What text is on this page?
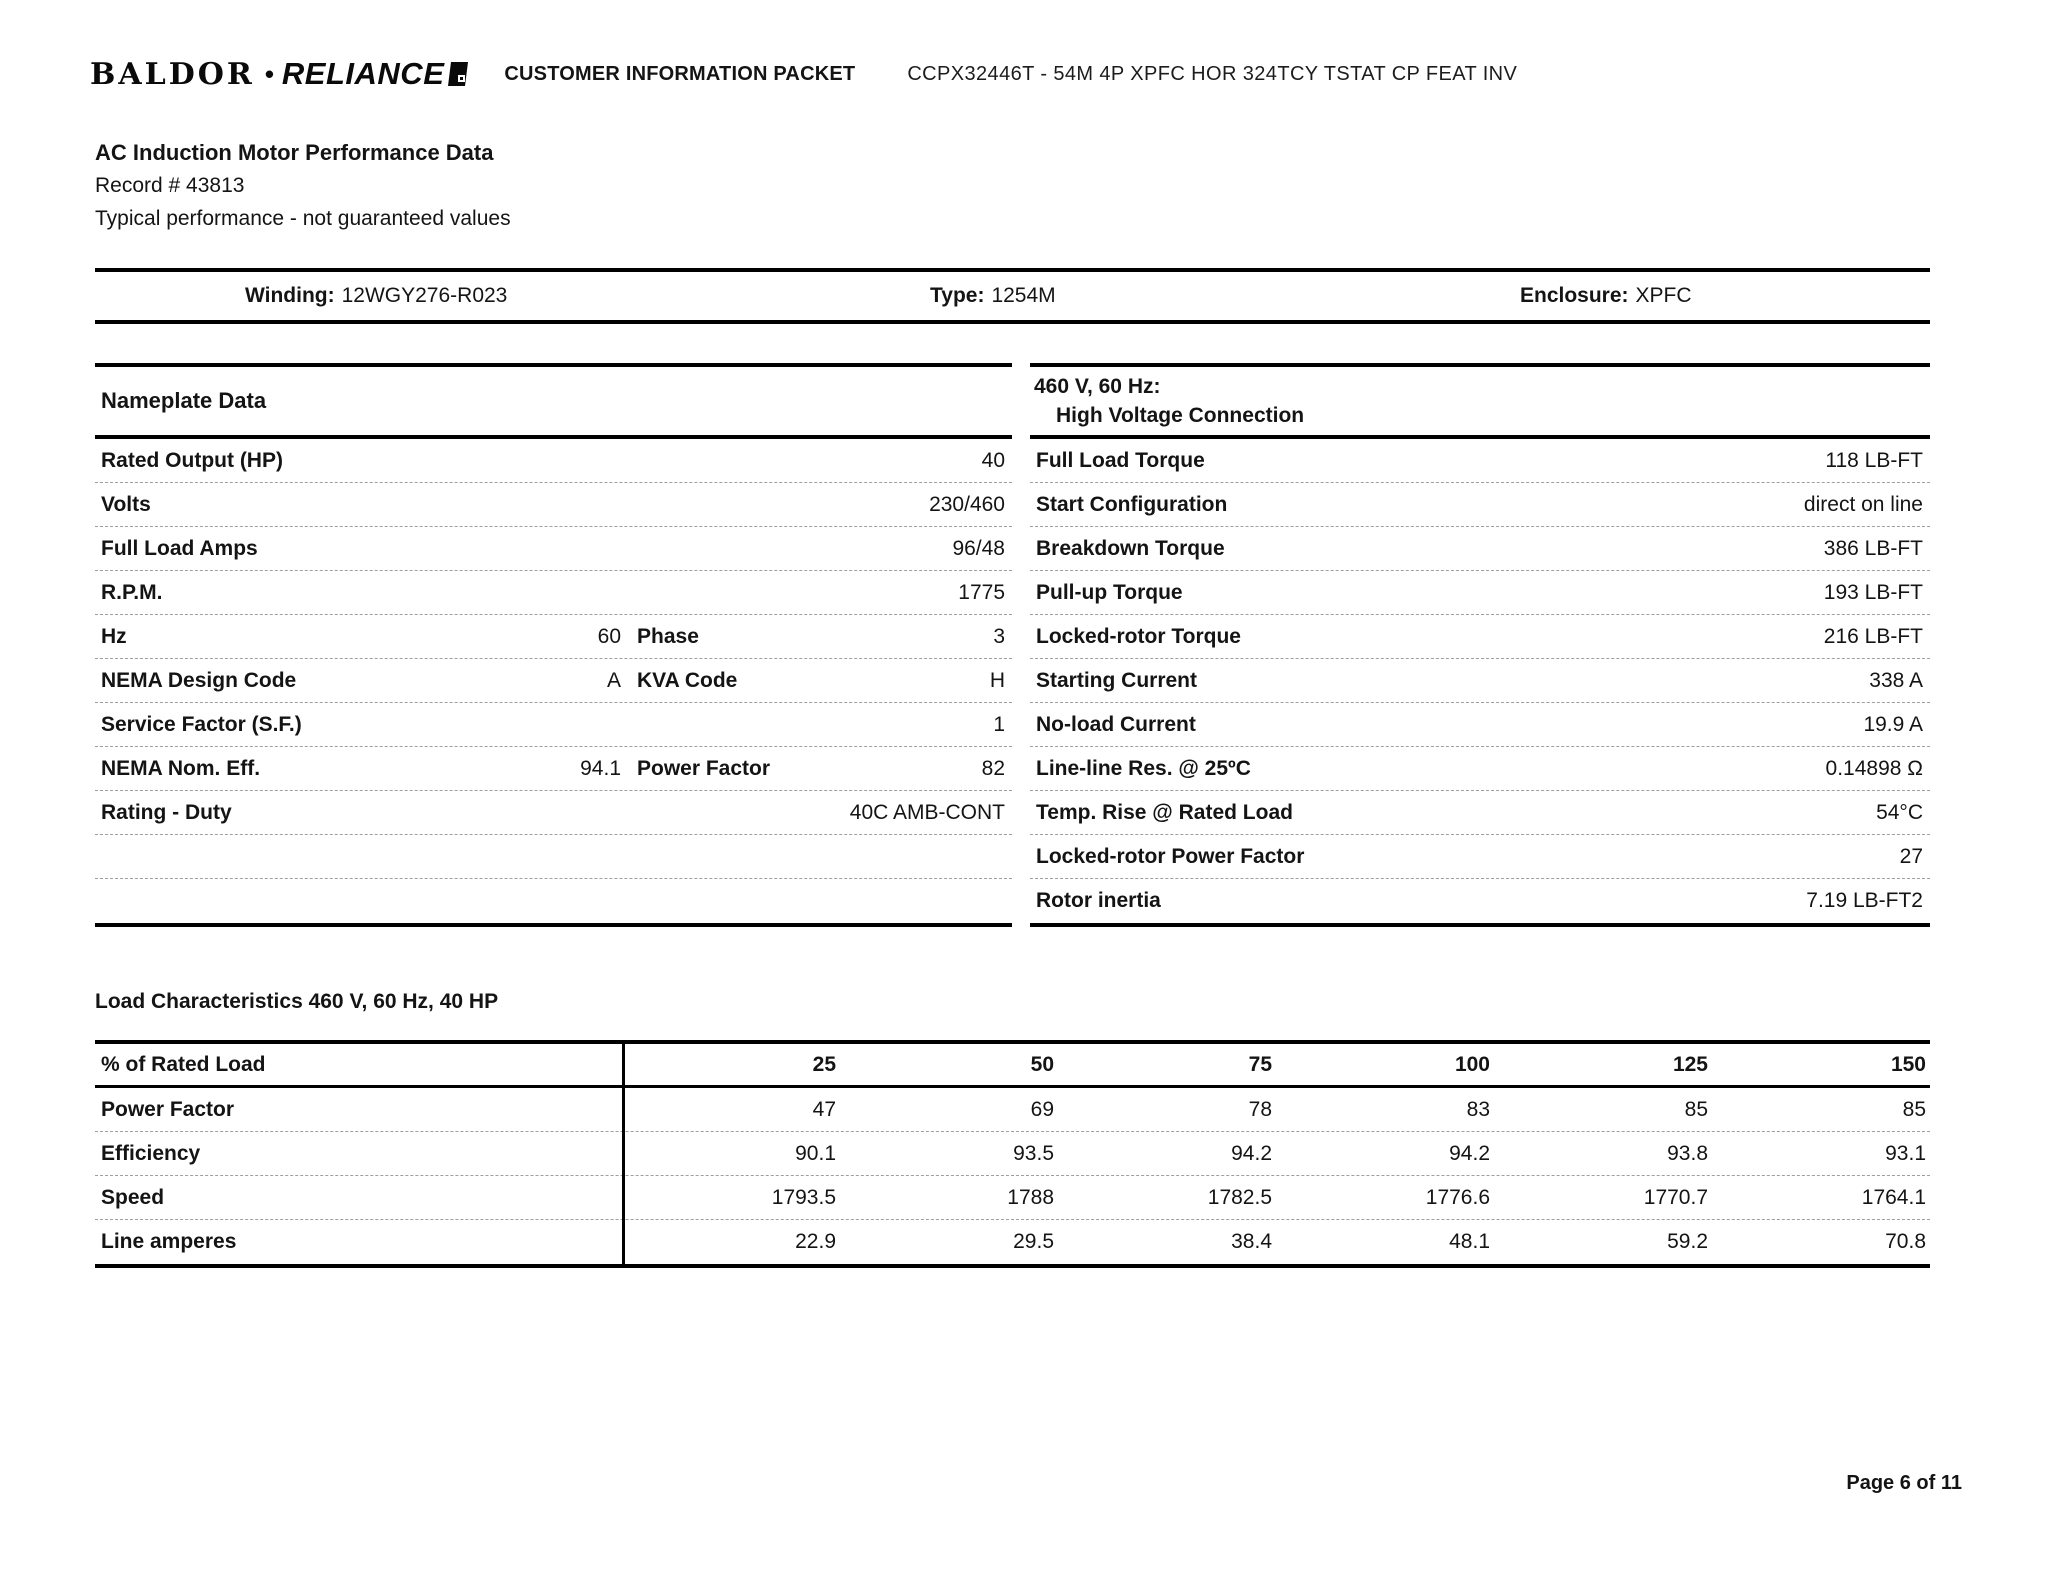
BALDOR • RELIANCE	CUSTOMER INFORMATION PACKET	CCPX32446T - 54M 4P XPFC HOR 324TCY TSTAT CP FEAT INV
AC Induction Motor Performance Data
Record # 43813
Typical performance - not guaranteed values
Winding: 12WGY276-R023	Type: 1254M	Enclosure: XPFC
Nameplate Data
Rated Output (HP)	40
Volts	230/460
Full Load Amps	96/48
R.P.M.	1775
Hz	60 Phase	3
NEMA Design Code	A KVA Code	H
Service Factor (S.F.)	1
NEMA Nom. Eff.	94.1 Power Factor	82
Rating - Duty	40C AMB-CONT
460 V, 60 Hz:
High Voltage Connection
Full Load Torque	118 LB-FT
Start Configuration	direct on line
Breakdown Torque	386 LB-FT
Pull-up Torque	193 LB-FT
Locked-rotor Torque	216 LB-FT
Starting Current	338 A
No-load Current	19.9 A
Line-line Res. @ 25ºC	0.14898 Ω
Temp. Rise @ Rated Load	54°C
Locked-rotor Power Factor	27
Rotor inertia	7.19 LB-FT2
Load Characteristics 460 V, 60 Hz, 40 HP
% of Rated Load	25	50	75	100	125	150
Power Factor	47	69	78	83	85	85
Efficiency	90.1	93.5	94.2	94.2	93.8	93.1
Speed	1793.5	1788	1782.5	1776.6	1770.7	1764.1
Line amperes	22.9	29.5	38.4	48.1	59.2	70.8
Page 6 of 11
